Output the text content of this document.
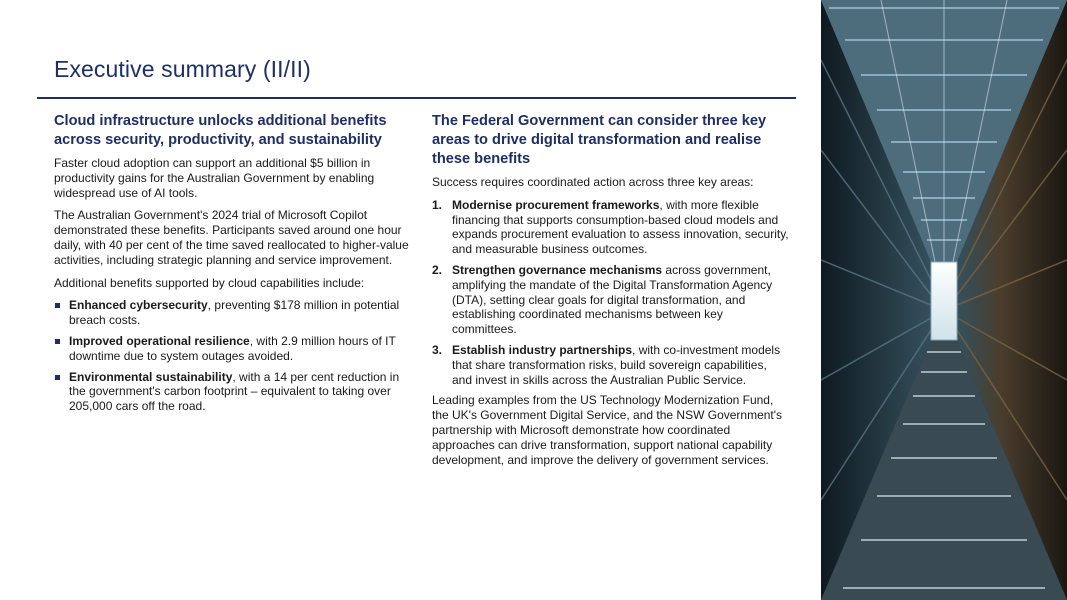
Executive summary (II/II)
Cloud infrastructure unlocks additional benefits across security, productivity, and sustainability

Faster cloud adoption can support an additional $5 billion in productivity gains for the Australian Government by enabling widespread use of AI tools.

The Australian Government's 2024 trial of Microsoft Copilot demonstrated these benefits. Participants saved around one hour daily, with 40 per cent of the time saved reallocated to higher-value activities, including strategic planning and service improvement.

Additional benefits supported by cloud capabilities include:

Enhanced cybersecurity, preventing $178 million in potential breach costs.
Improved operational resilience, with 2.9 million hours of IT downtime due to system outages avoided.
Environmental sustainability, with a 14 per cent reduction in the government's carbon footprint – equivalent to taking over 205,000 cars off the road.
The Federal Government can consider three key areas to drive digital transformation and realise these benefits

Success requires coordinated action across three key areas:

1. Modernise procurement frameworks, with more flexible financing that supports consumption-based cloud models and expands procurement evaluation to assess innovation, security, and measurable business outcomes.
2. Strengthen governance mechanisms across government, amplifying the mandate of the Digital Transformation Agency (DTA), setting clear goals for digital transformation, and establishing coordinated mechanisms between key committees.
3. Establish industry partnerships, with co-investment models that share transformation risks, build sovereign capabilities, and invest in skills across the Australian Public Service.

Leading examples from the US Technology Modernization Fund, the UK's Government Digital Service, and the NSW Government's partnership with Microsoft demonstrate how coordinated approaches can drive transformation, support national capability development, and improve the delivery of government services.
